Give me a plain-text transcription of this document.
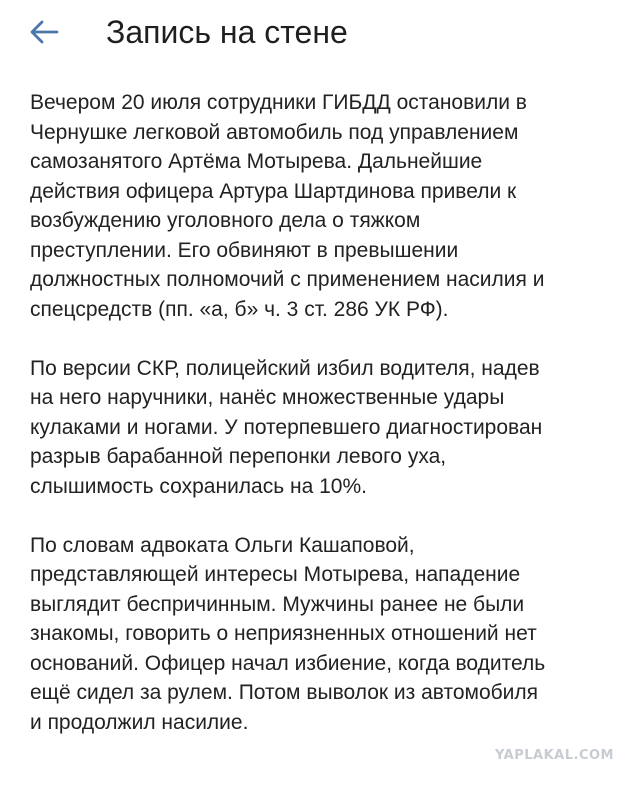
Запись на стене

Вечером 20 июля сотрудники ГИБДД остановили в
Чернушке легковой автомобиль под управлением
самозанятого Артёма Мотырева. Дальнейшие
действия офицера Артура Шартдинова привели к
возбуждению уголовного дела о тяжком
преступлении. Его обвиняют в превышении
должностных полномочий с применением насилия и
спецсредств (пп. «а, б» ч. 3 ст. 286 УК РФ).

По версии СКР, полицейский избил водителя, надев
на него наручники, нанёс множественные удары
кулаками и ногами. У потерпевшего диагностирован
разрыв барабанной перепонки левого уха,
слышимость сохранилась на 10%.

По словам адвоката Ольги Кашаповой,
представляющей интересы Мотырева, нападение
выглядит беспричинным. Мужчины ранее не были
знакомы, говорить о неприязненных отношений нет
оснований. Офицер начал избиение, когда водитель
ещё сидел за рулем. Потом выволок из автомобиля
и продолжил насилие.

YAPLAKAL.COM
